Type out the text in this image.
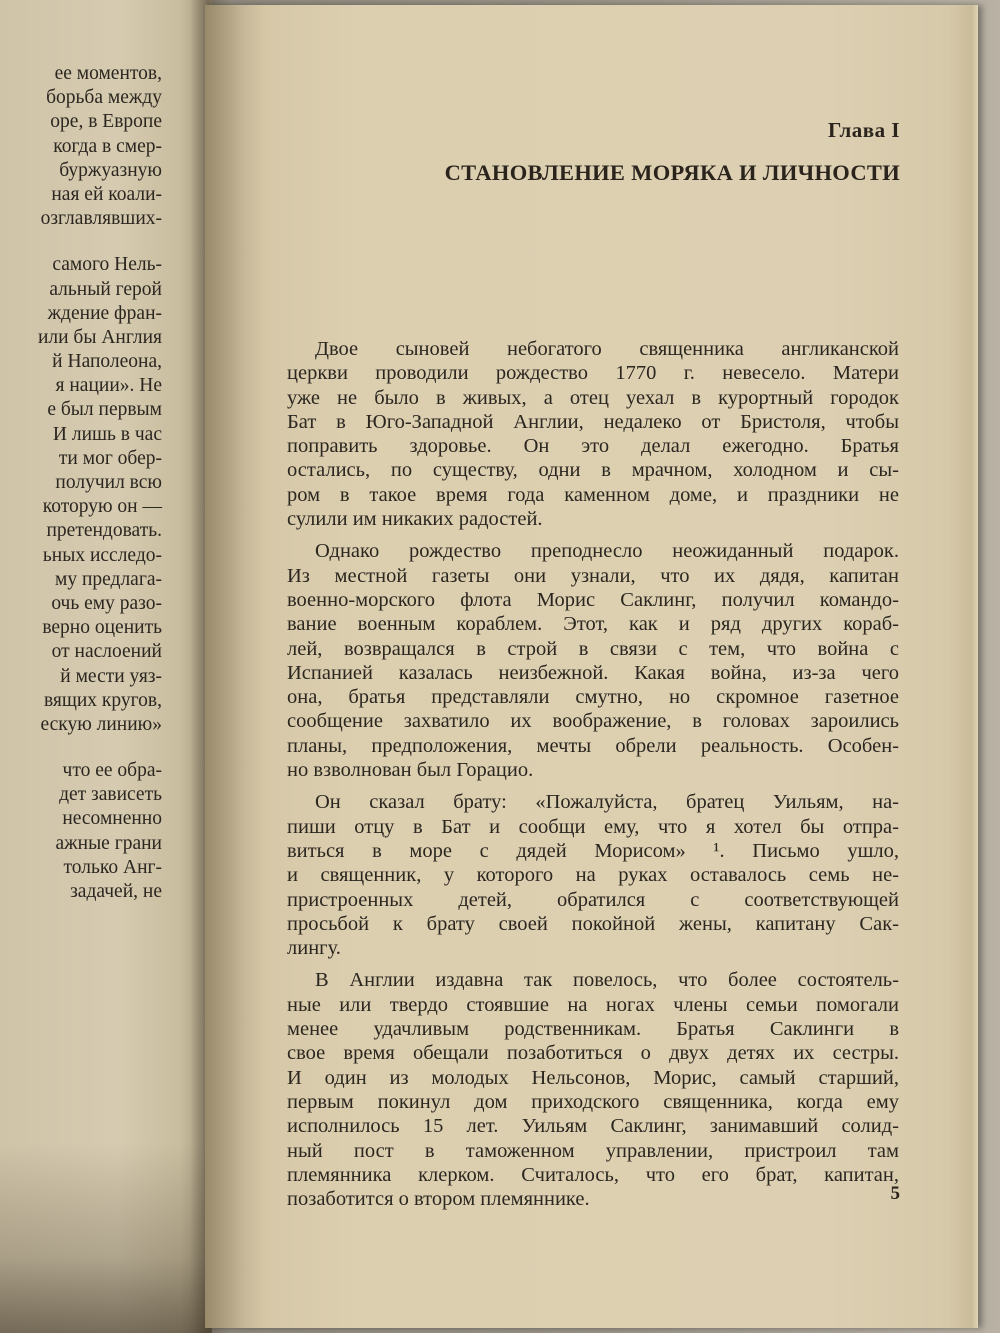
ее моментов,
борьба между
оре, в Европе
когда в смер-
буржуазную
ная ей коали-
озглавлявших-
самого Нель-
альный герой
ждение фран-
или бы Англия
й Наполеона,
я нации». Не
е был первым
И лишь в час
ти мог обер-
получил всю
которую он —
претендовать.
ьных исследо-
му предлага-
очь ему разо-
верно оценить
от наслоений
й мести уяз-
вящих кругов,
ескую линию»
что ее обра-
дет зависеть
несомненно
ажные грани
только Анг-
задачей, не
Глава I
СТАНОВЛЕНИЕ МОРЯКА И ЛИЧНОСТИ
Двое сыновей небогатого священника англиканской
церкви проводили рождество 1770 г. невесело. Матери
уже не было в живых, а отец уехал в курортный городок
Бат в Юго-Западной Англии, недалеко от Бристоля, чтобы
поправить здоровье. Он это делал ежегодно. Братья
остались, по существу, одни в мрачном, холодном и сы-
ром в такое время года каменном доме, и праздники не
сулили им никаких радостей.
Однако рождество преподнесло неожиданный подарок.
Из местной газеты они узнали, что их дядя, капитан
военно-морского флота Морис Саклинг, получил командо-
вание военным кораблем. Этот, как и ряд других кораб-
лей, возвращался в строй в связи с тем, что война с
Испанией казалась неизбежной. Какая война, из-за чего
она, братья представляли смутно, но скромное газетное
сообщение захватило их воображение, в головах зароились
планы, предположения, мечты обрели реальность. Особен-
но взволнован был Горацио.
Он сказал брату: «Пожалуйста, братец Уильям, на-
пиши отцу в Бат и сообщи ему, что я хотел бы отпра-
виться в море с дядей Морисом» ¹. Письмо ушло,
и священник, у которого на руках оставалось семь не-
пристроенных детей, обратился с соответствующей
просьбой к брату своей покойной жены, капитану Сак-
лингу.
В Англии издавна так повелось, что более состоятель-
ные или твердо стоявшие на ногах члены семьи помогали
менее удачливым родственникам. Братья Саклинги в
свое время обещали позаботиться о двух детях их сестры.
И один из молодых Нельсонов, Морис, самый старший,
первым покинул дом приходского священника, когда ему
исполнилось 15 лет. Уильям Саклинг, занимавший солид-
ный пост в таможенном управлении, пристроил там
племянника клерком. Считалось, что его брат, капитан,
позаботится о втором племяннике.	5
